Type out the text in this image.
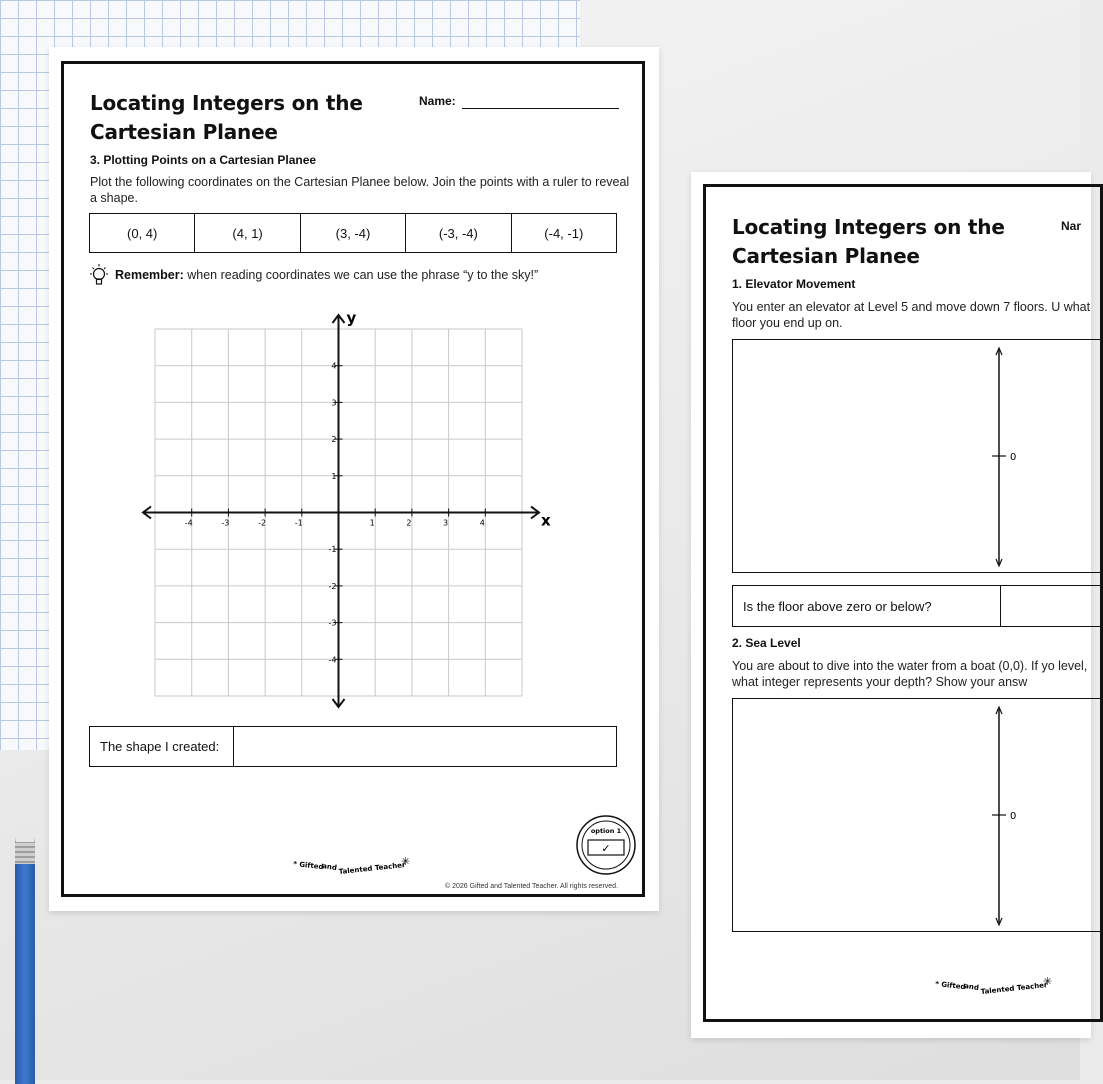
Locating Integers on the Cartesian Planee
Name:
3. Plotting Points on a Cartesian Planee
Plot the following coordinates on the Cartesian Planee below. Join the points with a ruler to reveal a shape.
(0, 4)	(4, 1)	(3, -4)	(-3, -4)	(-4, -1)
Remember: when reading coordinates we can use the phrase “y to the sky!”
x
y
-4	-3	-2	-1	1	2	3	4
4
3
2
1
-1
-2
-3
-4
The shape I created:
* Gifted
and Talented Teacher
✳
option 1
✓
© 2026 Gifted and Talented Teacher. All rights reserved.
Locating Integers on the Cartesian Planee
Nar
1. Elevator Movement
You enter an elevator at Level 5 and move down 7 floors. U what floor you end up on.
0
Is the floor above zero or below?
2. Sea Level
You are about to dive into the water from a boat (0,0). If yo level, what integer represents your depth? Show your answ
0
* Gifted
and Talented Teacher
✳
